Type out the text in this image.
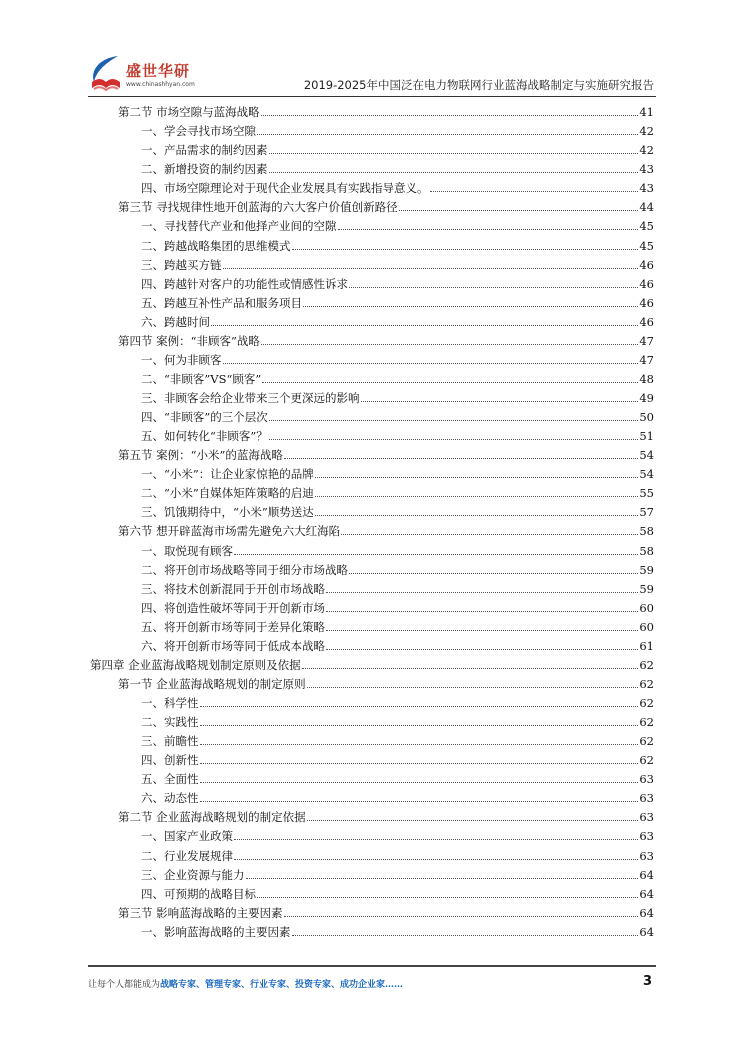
盛世华研
www.chinashhyan.com	2019-2025年中国泛在电力物联网行业蓝海战略制定与实施研究报告
第二节 市场空隙与蓝海战略	41
一、学会寻找市场空隙	42
一、产品需求的制约因素	42
二、新增投资的制约因素	43
四、市场空隙理论对于现代企业发展具有实践指导意义。	43
第三节 寻找规律性地开创蓝海的六大客户价值创新路径	44
一、寻找替代产业和他择产业间的空隙	45
二、跨越战略集团的思维模式	45
三、跨越买方链	46
四、跨越针对客户的功能性或情感性诉求	46
五、跨越互补性产品和服务项目	46
六、跨越时间	46
第四节 案例：“非顾客”战略	47
一、何为非顾客	47
二、“非顾客”VS“顾客”	48
三、非顾客会给企业带来三个更深远的影响	49
四、“非顾客”的三个层次	50
五、如何转化“非顾客”？	51
第五节 案例：“小米”的蓝海战略	54
一、“小米”：让企业家惊艳的品牌	54
二、“小米”自媒体矩阵策略的启迪	55
三、饥饿期待中，“小米”顺势送达	57
第六节 想开辟蓝海市场需先避免六大红海陷	58
一、取悦现有顾客	58
二、将开创市场战略等同于细分市场战略	59
三、将技术创新混同于开创市场战略	59
四、将创造性破坏等同于开创新市场	60
五、将开创新市场等同于差异化策略	60
六、将开创新市场等同于低成本战略	61
第四章 企业蓝海战略规划制定原则及依据	62
第一节 企业蓝海战略规划的制定原则	62
一、科学性	62
二、实践性	62
三、前瞻性	62
四、创新性	62
五、全面性	63
六、动态性	63
第二节 企业蓝海战略规划的制定依据	63
一、国家产业政策	63
二、行业发展规律	63
三、企业资源与能力	64
四、可预期的战略目标	64
第三节 影响蓝海战略的主要因素	64
一、影响蓝海战略的主要因素	64
让每个人都能成为战略专家、管理专家、行业专家、投资专家、成功企业家……	3
